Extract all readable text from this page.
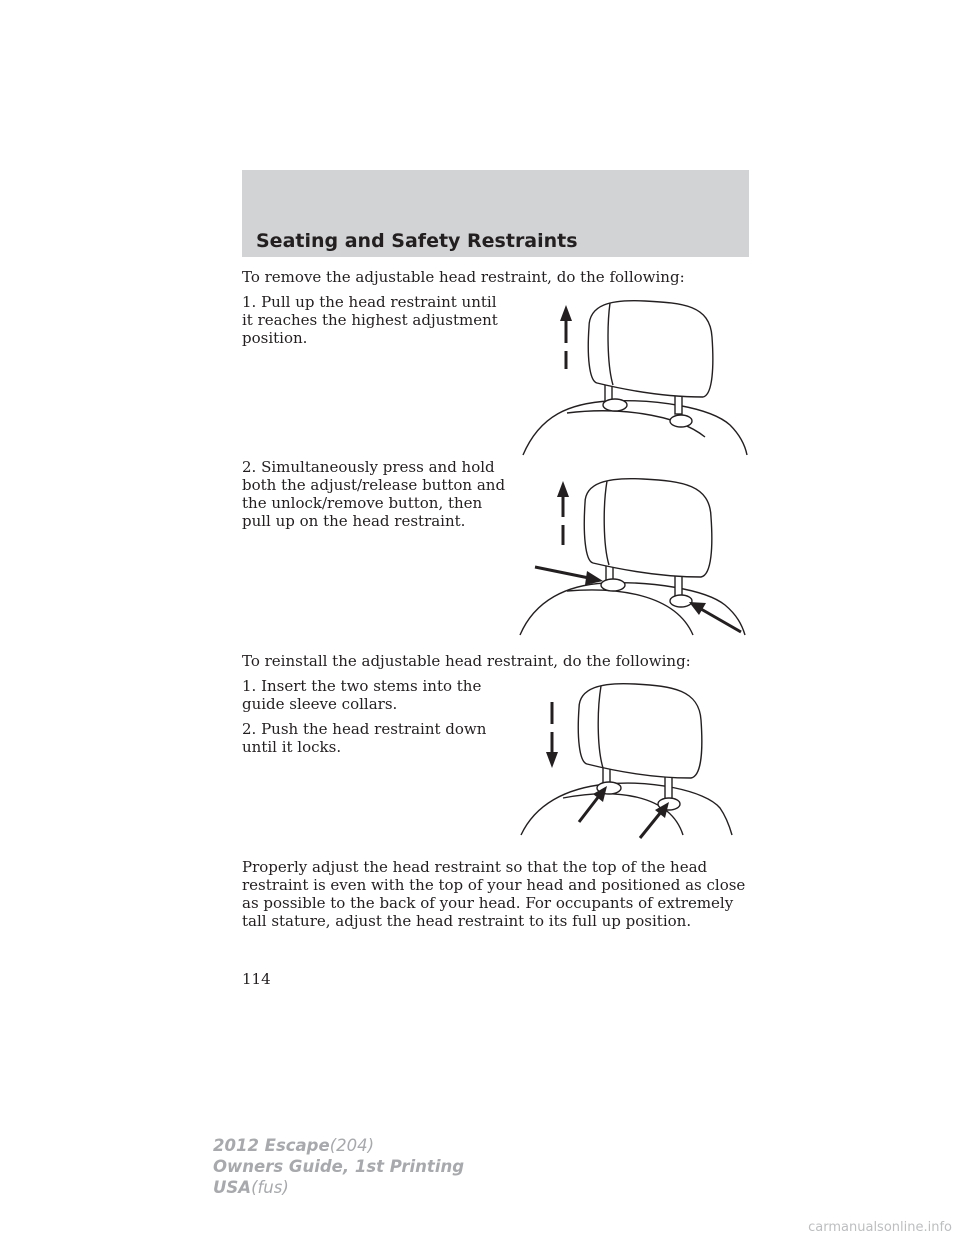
Seating and Safety Restraints

To remove the adjustable head restraint, do the following:

1. Pull up the head restraint until it reaches the highest adjustment position.

2. Simultaneously press and hold both the adjust/release button and the unlock/remove button, then pull up on the head restraint.

To reinstall the adjustable head restraint, do the following:

1. Insert the two stems into the guide sleeve collars.

2. Push the head restraint down until it locks.

Properly adjust the head restraint so that the top of the head restraint is even with the top of your head and positioned as close as possible to the back of your head. For occupants of extremely tall stature, adjust the head restraint to its full up position.

114
2012 Escape(204)
Owners Guide, 1st Printing
USA(fus)
carmanualsonline.info
